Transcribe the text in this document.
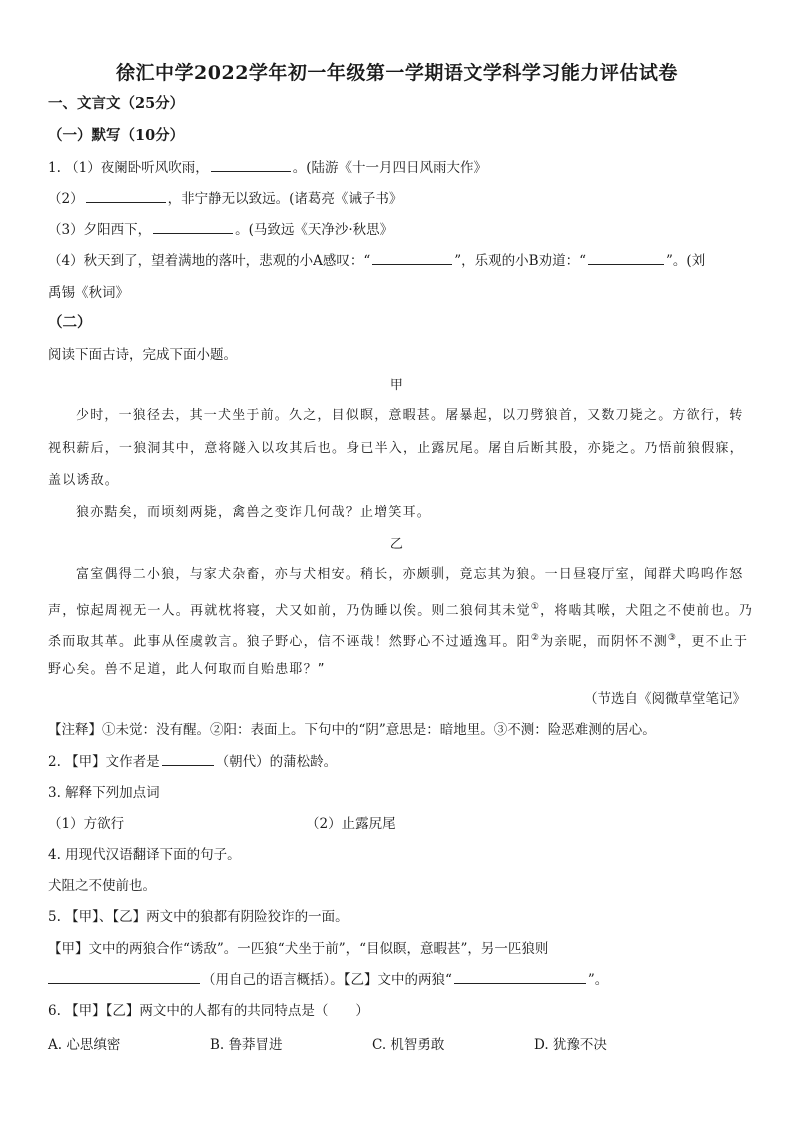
徐汇中学2022学年初一年级第一学期语文学科学习能力评估试卷
一、文言文（25分）
（一）默写（10分）
1. （1）夜阑卧听风吹雨，	。(陆游《十一月四日风雨大作》
（2）	，非宁静无以致远。(诸葛亮《诫子书》
（3）夕阳西下，	。(马致远《天净沙·秋思》
（4）秋天到了，望着满地的落叶，悲观的小A感叹：“	”，乐观的小B劝道：“	”。(刘
禹锡《秋词》
（二）
阅读下面古诗，完成下面小题。
甲
少时，一狼径去，其一犬坐于前。久之，目似瞑，意暇甚。屠暴起，以刀劈狼首，又数刀毙之。方欲行，转
视积薪后，一狼洞其中，意将隧入以攻其后也。身已半入，止露尻尾。屠自后断其股，亦毙之。乃悟前狼假寐，
盖以诱敌。
狼亦黠矣，而顷刻两毙，禽兽之变诈几何哉？止增笑耳。
乙
富室偶得二小狼，与家犬杂畜，亦与犬相安。稍长，亦颇驯，竟忘其为狼。一日昼寝厅室，闻群犬呜呜作怒
声，惊起周视无一人。再就枕将寝，犬又如前，乃伪睡以俟。则二狼伺其未觉①，将啮其喉，犬阻之不使前也。乃
杀而取其革。此事从侄虞敦言。狼子野心，信不诬哉！然野心不过遁逸耳。阳②为亲昵，而阴怀不测③，更不止于
野心矣。兽不足道，此人何取而自贻患耶？”
（节选自《阅微草堂笔记》
【注释】①未觉：没有醒。②阳：表面上。下句中的“阴”意思是：暗地里。③不测：险恶难测的居心。
2. 【甲】文作者是	（朝代）的蒲松龄。
3. 解释下列加点词
（1）方欲行	（2）止露尻尾
4. 用现代汉语翻译下面的句子。
犬阻之不使前也。
5. 【甲】、【乙】两文中的狼都有阴险狡诈的一面。
【甲】文中的两狼合作“诱敌”。一匹狼“犬坐于前”，“目似瞑，意暇甚”，另一匹狼则
（用自己的语言概括）。【乙】文中的两狼“	”。
6. 【甲】【乙】两文中的人都有的共同特点是（　　）
A. 心思缜密	B. 鲁莽冒进	C. 机智勇敢	D. 犹豫不决
